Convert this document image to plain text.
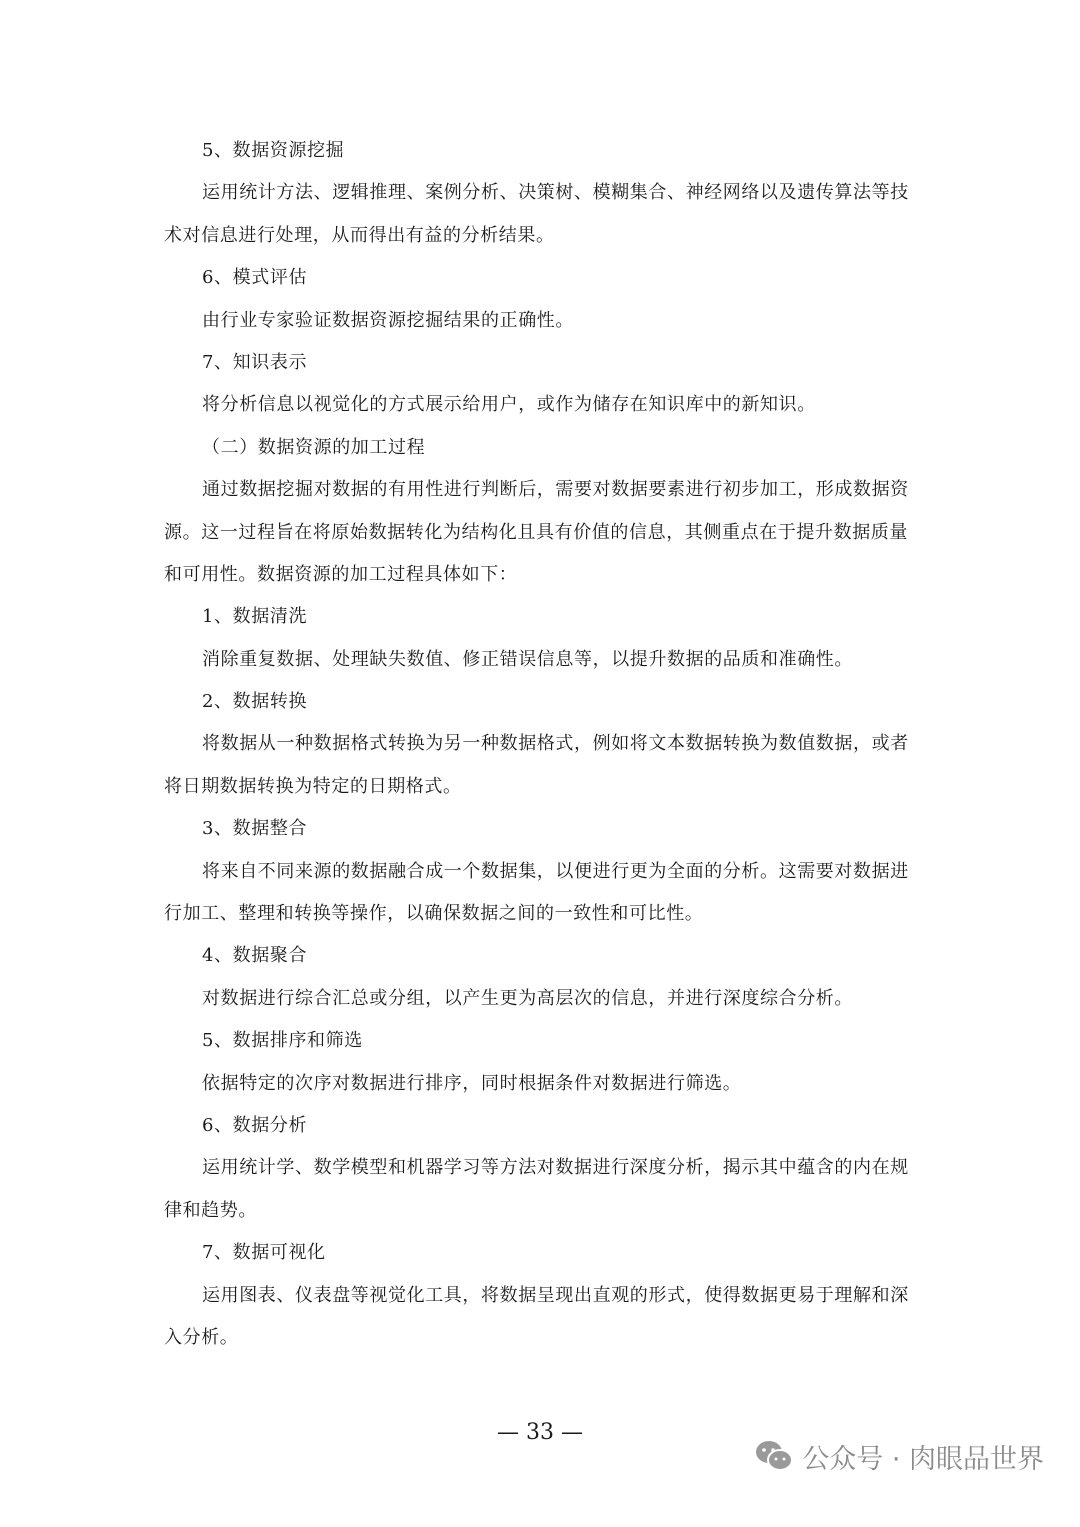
5、数据资源挖掘
运用统计方法、逻辑推理、案例分析、决策树、模糊集合、神经网络以及遗传算法等技
术对信息进行处理，从而得出有益的分析结果。
6、模式评估
由行业专家验证数据资源挖掘结果的正确性。
7、知识表示
将分析信息以视觉化的方式展示给用户，或作为储存在知识库中的新知识。
（二）数据资源的加工过程
通过数据挖掘对数据的有用性进行判断后，需要对数据要素进行初步加工，形成数据资
源。这一过程旨在将原始数据转化为结构化且具有价值的信息，其侧重点在于提升数据质量
和可用性。数据资源的加工过程具体如下：
1、数据清洗
消除重复数据、处理缺失数值、修正错误信息等，以提升数据的品质和准确性。
2、数据转换
将数据从一种数据格式转换为另一种数据格式，例如将文本数据转换为数值数据，或者
将日期数据转换为特定的日期格式。
3、数据整合
将来自不同来源的数据融合成一个数据集，以便进行更为全面的分析。这需要对数据进
行加工、整理和转换等操作，以确保数据之间的一致性和可比性。
4、数据聚合
对数据进行综合汇总或分组，以产生更为高层次的信息，并进行深度综合分析。
5、数据排序和筛选
依据特定的次序对数据进行排序，同时根据条件对数据进行筛选。
6、数据分析
运用统计学、数学模型和机器学习等方法对数据进行深度分析，揭示其中蕴含的内在规
律和趋势。
7、数据可视化
运用图表、仪表盘等视觉化工具，将数据呈现出直观的形式，使得数据更易于理解和深
入分析。
— 33 —
公众号 · 肉眼品世界
